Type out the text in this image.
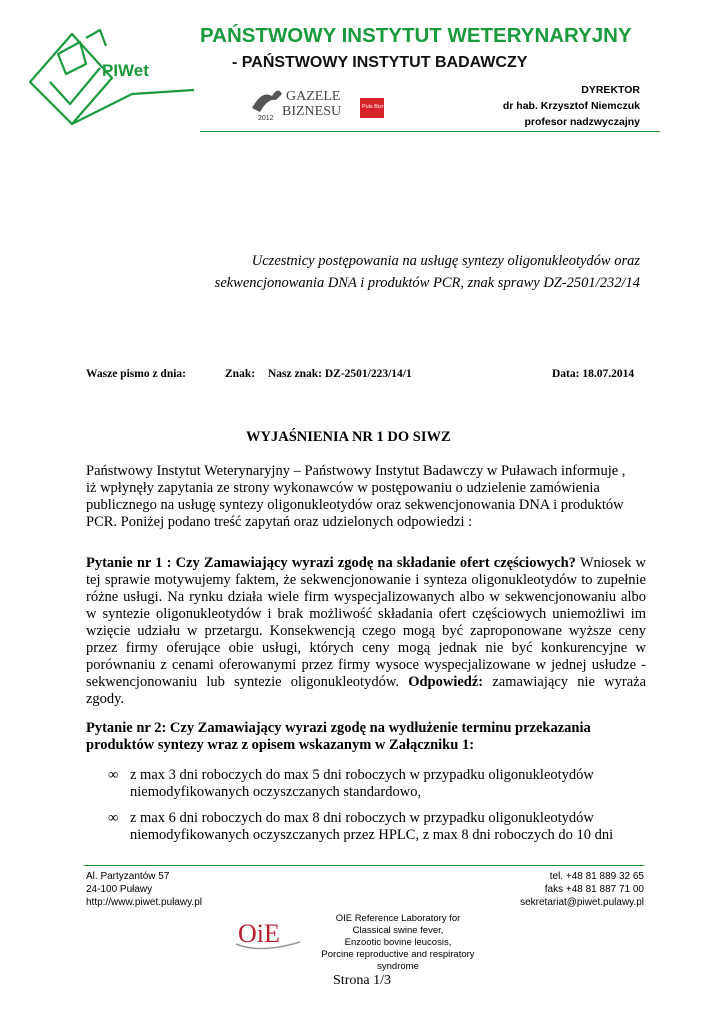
PIWet
PAŃSTWOWY INSTYTUT WETERYNARYJNY
- PAŃSTWOWY INSTYTUT BADAWCZY
2012
GAZELE
BIZNESU	Puls Biznesu
DYREKTOR
dr hab. Krzysztof Niemczuk
profesor nadzwyczajny
Uczestnicy postępowania na usługę syntezy oligonukleotydów oraz
sekwencjonowania DNA i produktów PCR, znak sprawy DZ-2501/232/14
Wasze pismo z dnia:	Znak: Nasz znak: DZ-2501/223/14/1	Data: 18.07.2014
WYJAŚNIENIA NR 1 DO SIWZ
Państwowy Instytut Weterynaryjny – Państwowy Instytut Badawczy w Puławach informuje ,
iż wpłynęły zapytania ze strony wykonawców w postępowaniu o udzielenie zamówienia
publicznego na usługę syntezy oligonukleotydów oraz sekwencjonowania DNA i produktów
PCR. Poniżej podano treść zapytań oraz udzielonych odpowiedzi :
Pytanie nr 1 : Czy Zamawiający wyrazi zgodę na składanie ofert częściowych? Wniosek w
tej sprawie motywujemy faktem, że sekwencjonowanie i synteza oligonukleotydów to zupełnie
różne usługi. Na rynku działa wiele firm wyspecjalizowanych albo w sekwencjonowaniu albo
w syntezie oligonukleotydów i brak możliwość składania ofert częściowych uniemożliwi im
wzięcie udziału w przetargu. Konsekwencją czego mogą być zaproponowane wyższe ceny
przez firmy oferujące obie usługi, których ceny mogą jednak nie być konkurencyjne w
porównaniu z cenami oferowanymi przez firmy wysoce wyspecjalizowane w jednej usłudze -
sekwencjonowaniu lub syntezie oligonukleotydów. Odpowiedź: zamawiający nie wyraża
zgody.
Pytanie nr 2: Czy Zamawiający wyrazi zgodę na wydłużenie terminu przekazania
produktów syntezy wraz z opisem wskazanym w Załączniku 1:
∞ z max 3 dni roboczych do max 5 dni roboczych w przypadku oligonukleotydów
niemodyfikowanych oczyszczanych standardowo,
∞ z max 6 dni roboczych do max 8 dni roboczych w przypadku oligonukleotydów
niemodyfikowanych oczyszczanych przez HPLC, z max 8 dni roboczych do 10 dni
Al. Partyzantów 57
24-100 Puławy
http://www.piwet.pulawy.pl
tel. +48 81 889 32 65
faks +48 81 887 71 00
sekretariat@piwet.pulawy.pl
OiE
OIE Reference Laboratory for
Classical swine fever,
Enzootic bovine leucosis,
Porcine reproductive and respiratory syndrome
Strona 1/3
